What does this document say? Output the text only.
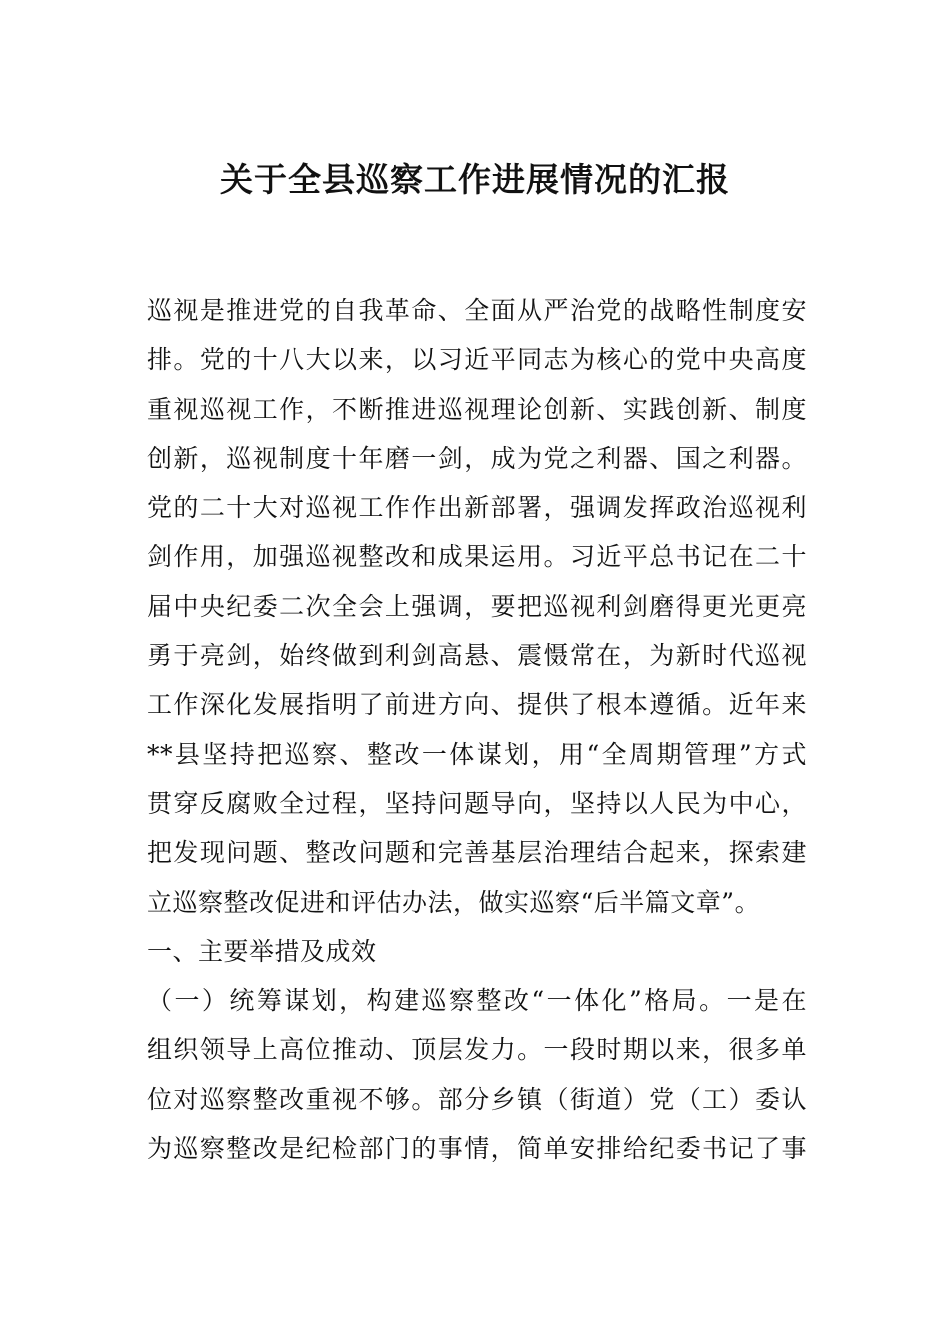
关于全县巡察工作进展情况的汇报
巡视是推进党的自我革命、全面从严治党的战略性制度安
排。党的十八大以来，以习近平同志为核心的党中央高度
重视巡视工作，不断推进巡视理论创新、实践创新、制度
创新，巡视制度十年磨一剑，成为党之利器、国之利器。
党的二十大对巡视工作作出新部署，强调发挥政治巡视利
剑作用，加强巡视整改和成果运用。习近平总书记在二十
届中央纪委二次全会上强调，要把巡视利剑磨得更光更亮
勇于亮剑，始终做到利剑高悬、震慑常在，为新时代巡视
工作深化发展指明了前进方向、提供了根本遵循。近年来
**县坚持把巡察、整改一体谋划，用“全周期管理”方式
贯穿反腐败全过程，坚持问题导向，坚持以人民为中心，
把发现问题、整改问题和完善基层治理结合起来，探索建
立巡察整改促进和评估办法，做实巡察“后半篇文章”。
一、主要举措及成效
（一）统筹谋划，构建巡察整改“一体化”格局。一是在
组织领导上高位推动、顶层发力。一段时期以来，很多单
位对巡察整改重视不够。部分乡镇（街道）党（工）委认
为巡察整改是纪检部门的事情，简单安排给纪委书记了事
